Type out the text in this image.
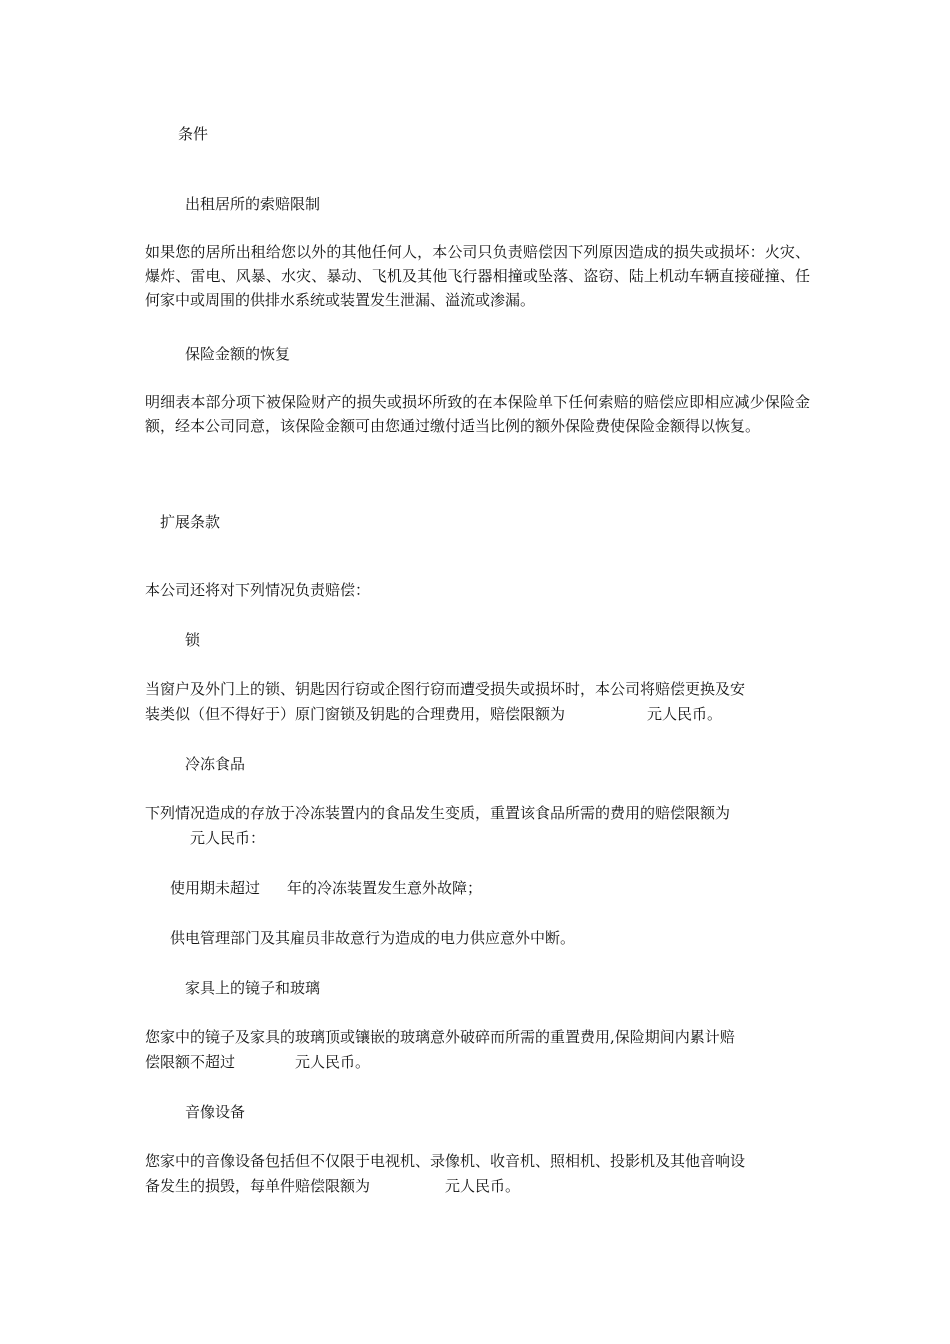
条件

出租居所的索赔限制

如果您的居所出租给您以外的其他任何人，本公司只负责赔偿因下列原因造成的损失或损坏：火灾、爆炸、雷电、风暴、水灾、暴动、飞机及其他飞行器相撞或坠落、盗窃、陆上机动车辆直接碰撞、任何家中或周围的供排水系统或装置发生泄漏、溢流或渗漏。

保险金额的恢复

明细表本部分项下被保险财产的损失或损坏所致的在本保险单下任何索赔的赔偿应即相应减少保险金额，经本公司同意，该保险金额可由您通过缴付适当比例的额外保险费使保险金额得以恢复。

扩展条款

本公司还将对下列情况负责赔偿：

锁

当窗户及外门上的锁、钥匙因行窃或企图行窃而遭受损失或损坏时，本公司将赔偿更换及安

装类似（但不得好于）原门窗锁及钥匙的合理费用，赔偿限额为	元人民币。

冷冻食品

下列情况造成的存放于冷冻装置内的食品发生变质，重置该食品所需的费用的赔偿限额为

元人民币：

使用期未超过 年的冷冻装置发生意外故障；

供电管理部门及其雇员非故意行为造成的电力供应意外中断。

家具上的镜子和玻璃

您家中的镜子及家具的玻璃顶或镶嵌的玻璃意外破碎而所需的重置费用,保险期间内累计赔

偿限额不超过	元人民币。

音像设备

您家中的音像设备包括但不仅限于电视机、录像机、收音机、照相机、投影机及其他音响设

备发生的损毁，每单件赔偿限额为	元人民币。
